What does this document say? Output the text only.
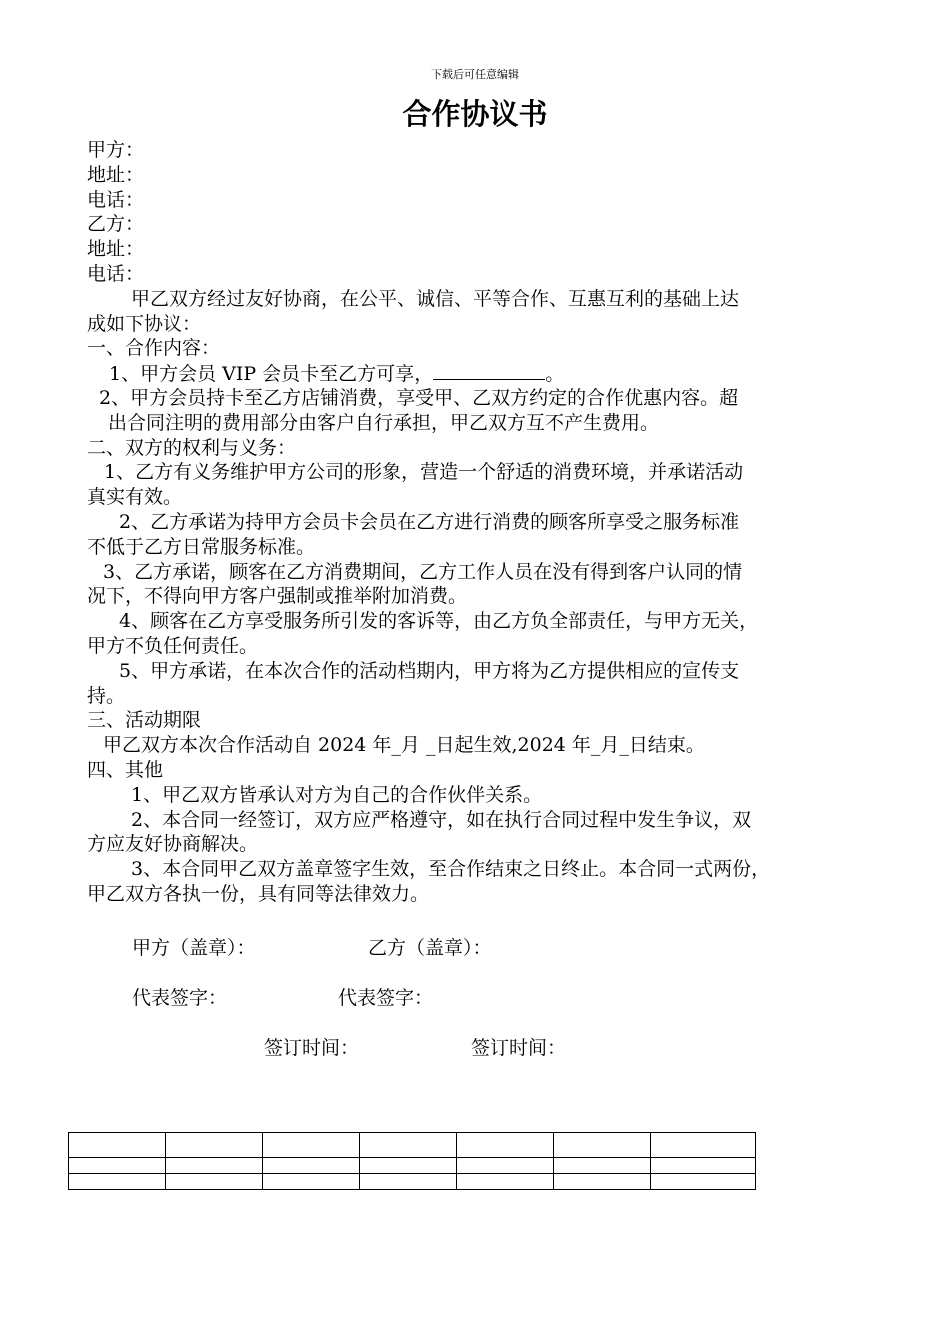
下载后可任意编辑
合作协议书
甲方：
地址：
电话：
乙方：
地址：
电话：
甲乙双方经过友好协商，在公平、诚信、平等合作、互惠互利的基础上达
成如下协议：
一、合作内容：
1、甲方会员 VIP 会员卡至乙方可享，	。
2、甲方会员持卡至乙方店铺消费，享受甲、乙双方约定的合作优惠内容。超
出合同注明的费用部分由客户自行承担，甲乙双方互不产生费用。
二、双方的权利与义务：
1、乙方有义务维护甲方公司的形象，营造一个舒适的消费环境，并承诺活动
真实有效。
2、乙方承诺为持甲方会员卡会员在乙方进行消费的顾客所享受之服务标准
不低于乙方日常服务标准。
3、乙方承诺，顾客在乙方消费期间，乙方工作人员在没有得到客户认同的情
况下，不得向甲方客户强制或推举附加消费。
4、顾客在乙方享受服务所引发的客诉等，由乙方负全部责任，与甲方无关，
甲方不负任何责任。
5、甲方承诺，在本次合作的活动档期内，甲方将为乙方提供相应的宣传支
持。
三、活动期限
甲乙双方本次合作活动自 2024 年_月 _日起生效,2024 年_月_日结束。
四、其他
1、甲乙双方皆承认对方为自己的合作伙伴关系。
2、本合同一经签订，双方应严格遵守，如在执行合同过程中发生争议，双
方应友好协商解决。
3、本合同甲乙双方盖章签字生效，至合作结束之日终止。本合同一式两份，
甲乙双方各执一份，具有同等法律效力。
甲方（盖章）：	乙方（盖章）：
代表签字：	代表签字：
签订时间：	签订时间：
